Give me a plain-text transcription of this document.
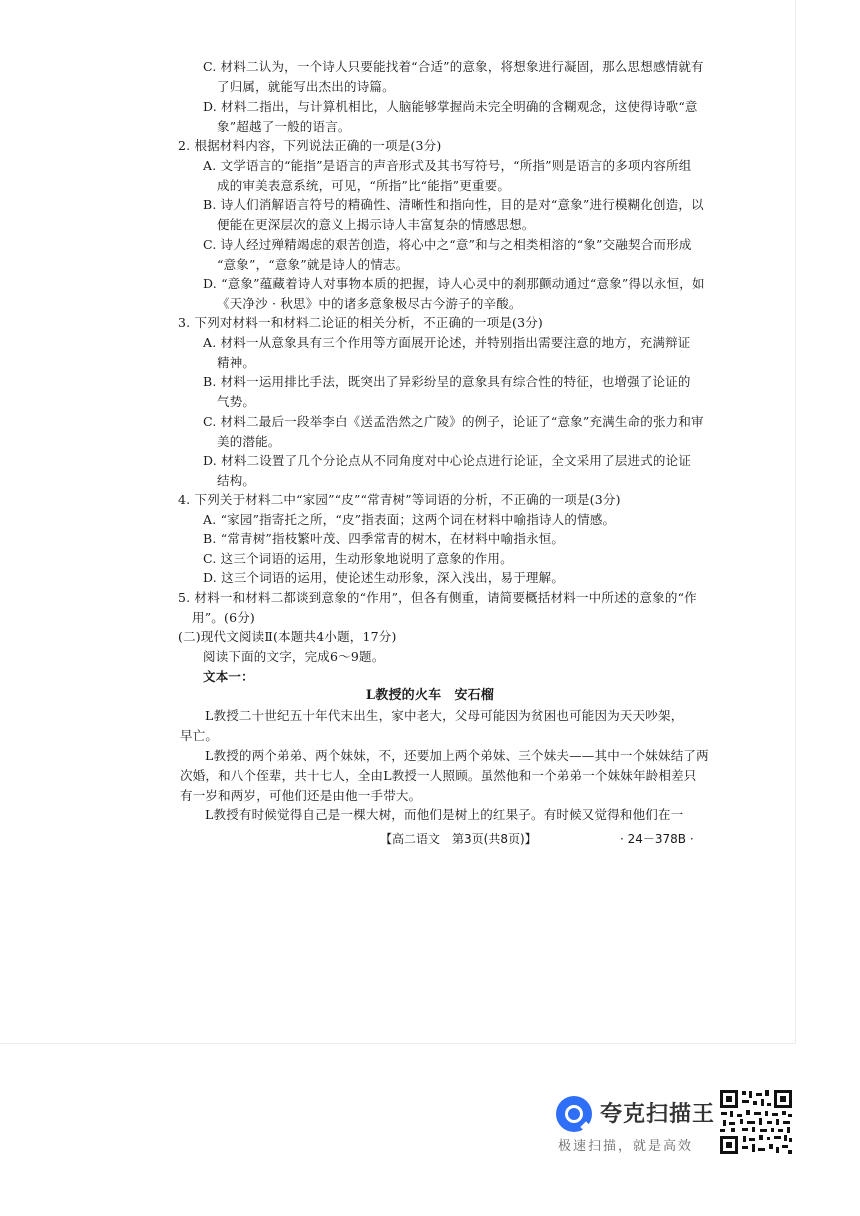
C. 材料二认为，一个诗人只要能找着“合适”的意象，将想象进行凝固，那么思想感情就有
了归属，就能写出杰出的诗篇。
D. 材料二指出，与计算机相比，人脑能够掌握尚未完全明确的含糊观念，这使得诗歌“意
象”超越了一般的语言。
2. 根据材料内容，下列说法正确的一项是(3分)
A. 文学语言的“能指”是语言的声音形式及其书写符号，“所指”则是语言的多项内容所组
成的审美表意系统，可见，“所指”比“能指”更重要。
B. 诗人们消解语言符号的精确性、清晰性和指向性，目的是对“意象”进行模糊化创造，以
便能在更深层次的意义上揭示诗人丰富复杂的情感思想。
C. 诗人经过殚精竭虑的艰苦创造，将心中之“意”和与之相类相溶的“象”交融契合而形成
“意象”，“意象”就是诗人的情志。
D. “意象”蕴藏着诗人对事物本质的把握，诗人心灵中的刹那颤动通过“意象”得以永恒，如
《天净沙 · 秋思》中的诸多意象极尽古今游子的辛酸。
3. 下列对材料一和材料二论证的相关分析，不正确的一项是(3分)
A. 材料一从意象具有三个作用等方面展开论述，并特别指出需要注意的地方，充满辩证
精神。
B. 材料一运用排比手法，既突出了异彩纷呈的意象具有综合性的特征，也增强了论证的
气势。
C. 材料二最后一段举李白《送孟浩然之广陵》的例子，论证了“意象”充满生命的张力和审
美的潜能。
D. 材料二设置了几个分论点从不同角度对中心论点进行论证，全文采用了层进式的论证
结构。
4. 下列关于材料二中“家园”“皮”“常青树”等词语的分析，不正确的一项是(3分)
A. “家园”指寄托之所，“皮”指表面；这两个词在材料中喻指诗人的情感。
B. “常青树”指枝繁叶茂、四季常青的树木，在材料中喻指永恒。
C. 这三个词语的运用，生动形象地说明了意象的作用。
D. 这三个词语的运用，使论述生动形象，深入浅出，易于理解。
5. 材料一和材料二都谈到意象的“作用”，但各有侧重，请简要概括材料一中所述的意象的“作
用”。(6分)
(二)现代文阅读Ⅱ(本题共4小题，17分)
阅读下面的文字，完成6～9题。
文本一：
L教授的火车　安石榴
L教授二十世纪五十年代末出生，家中老大，父母可能因为贫困也可能因为天天吵架，
早亡。
L教授的两个弟弟、两个妹妹，不，还要加上两个弟妹、三个妹夫——其中一个妹妹结了两
次婚，和八个侄辈，共十七人，全由L教授一人照顾。虽然他和一个弟弟一个妹妹年龄相差只
有一岁和两岁，可他们还是由他一手带大。
L教授有时候觉得自己是一棵大树，而他们是树上的红果子。有时候又觉得和他们在一
【高二语文　第3页(共8页)】	· 24－378B ·
夸克扫描王
极速扫描，就是高效
